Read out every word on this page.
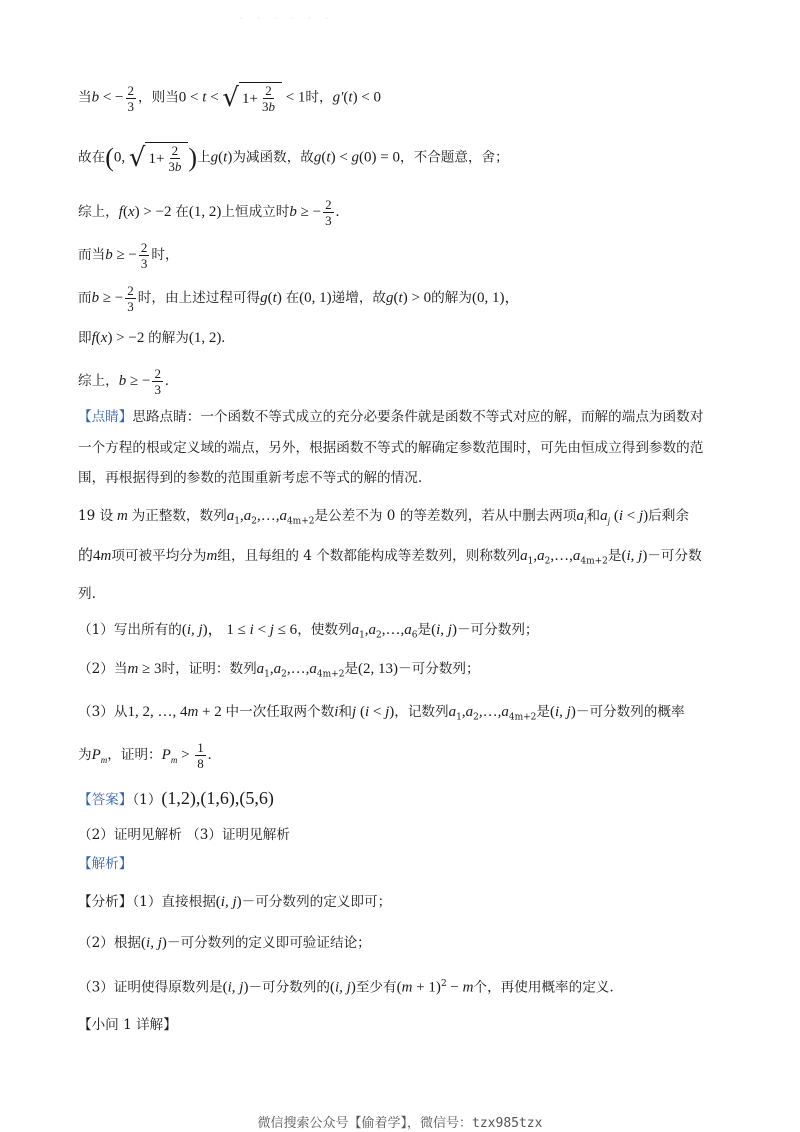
· · · · · ·
当b < − $\frac{2}{3}$ ，则当0 < t < √ $1+ \frac{2}{3b} < 1$时，g′(t) < 0
故在(0, √ $1+ \frac{2}{3b}$ )上g(t)为减函数，故g(t) < g(0) = 0，不合题意，舍；
综上，f(x) > −2 在(1, 2)上恒成立时b ≥ − $\frac{2}{3}$ .
而当b ≥ − $\frac{2}{3}$ 时，
而b ≥ − $\frac{2}{3}$ 时，由上述过程可得g(t) 在(0, 1)递增，故g(t) > 0的解为(0, 1)，
即f(x) > −2 的解为(1, 2).
综上，b ≥ − $\frac{2}{3}$ .
【点睛】思路点睛：一个函数不等式成立的充分必要条件就是函数不等式对应的解，而解的端点为函数对
一个方程的根或定义域的端点，另外，根据函数不等式的解确定参数范围时，可先由恒成立得到参数的范
围，再根据得到的参数的范围重新考虑不等式的解的情况.
19 设 m 为正整数，数列$a_1,a_2,\dots,a_{4m+2}$是公差不为 0 的等差数列，若从中删去两项$a_i$和$a_j$ (i < j)后剩余
的4m项可被平均分为m组，且每组的 4 个数都能构成等差数列，则称数列$a_1,a_2,\dots,a_{4m+2}$是(i, j)－可分数
列.
（1）写出所有的(i, j)， 1 ≤ i < j ≤ 6，使数列$a_1,a_2,\dots,a_6$是(i, j)－可分数列；
（2）当m ≥ 3时，证明：数列$a_1,a_2,\dots,a_{4m+2}$是(2, 13)－可分数列；
（3）从1, 2, …, 4m + 2 中一次任取两个数i和j (i < j)，记数列$a_1,a_2,\dots,a_{4m+2}$是(i, j)－可分数列的概率
为$P_m$，证明：$P_m > \frac{1}{8}$ .
【答案】（1）(1,2),(1,6),(5,6)
（2）证明见解析 （3）证明见解析
【解析】
【分析】（1）直接根据(i, j)－可分数列的定义即可；
（2）根据(i, j)－可分数列的定义即可验证结论；
（3）证明使得原数列是(i, j)－可分数列的(i, j)至少有$(m + 1)^2 - m$个，再使用概率的定义.
【小问 1 详解】
微信搜索公众号【偷着学】，微信号：tzx985tzx
